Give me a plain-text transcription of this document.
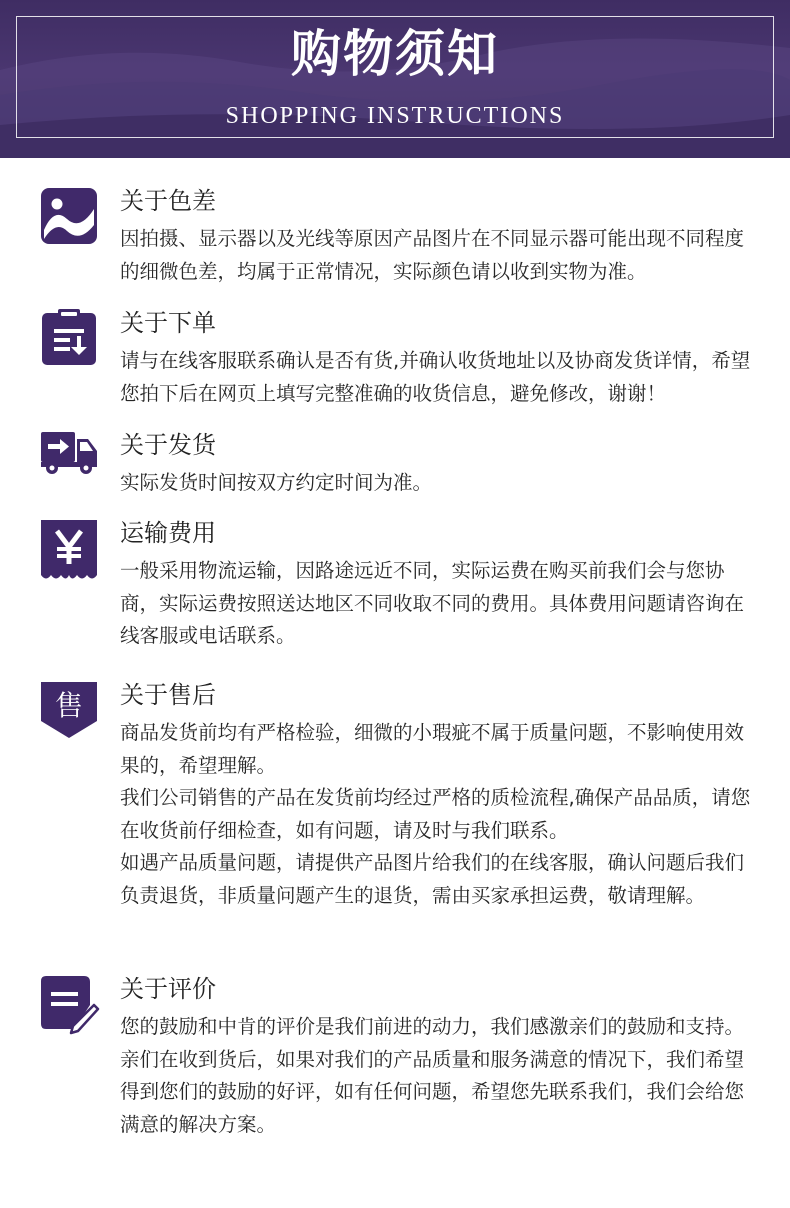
购物须知
SHOPPING INSTRUCTIONS
关于色差

因拍摄、显示器以及光线等原因产品图片在不同显示器可能出现不同程度的细微色差，均属于正常情况，实际颜色请以收到实物为准。

关于下单

请与在线客服联系确认是否有货,并确认收货地址以及协商发货详情，希望您拍下后在网页上填写完整准确的收货信息，避免修改，谢谢！

关于发货

实际发货时间按双方约定时间为准。

运输费用

一般采用物流运输，因路途远近不同，实际运费在购买前我们会与您协商，实际运费按照送达地区不同收取不同的费用。具体费用问题请咨询在线客服或电话联系。

售 关于售后

商品发货前均有严格检验，细微的小瑕疵不属于质量问题，不影响使用效果的，希望理解。

我们公司销售的产品在发货前均经过严格的质检流程,确保产品品质，请您在收货前仔细检查，如有问题，请及时与我们联系。

如遇产品质量问题，请提供产品图片给我们的在线客服，确认问题后我们负责退货，非质量问题产生的退货，需由买家承担运费，敬请理解。

关于评价

您的鼓励和中肯的评价是我们前进的动力，我们感激亲们的鼓励和支持。亲们在收到货后，如果对我们的产品质量和服务满意的情况下，我们希望得到您们的鼓励的好评，如有任何问题，希望您先联系我们，我们会给您满意的解决方案。
